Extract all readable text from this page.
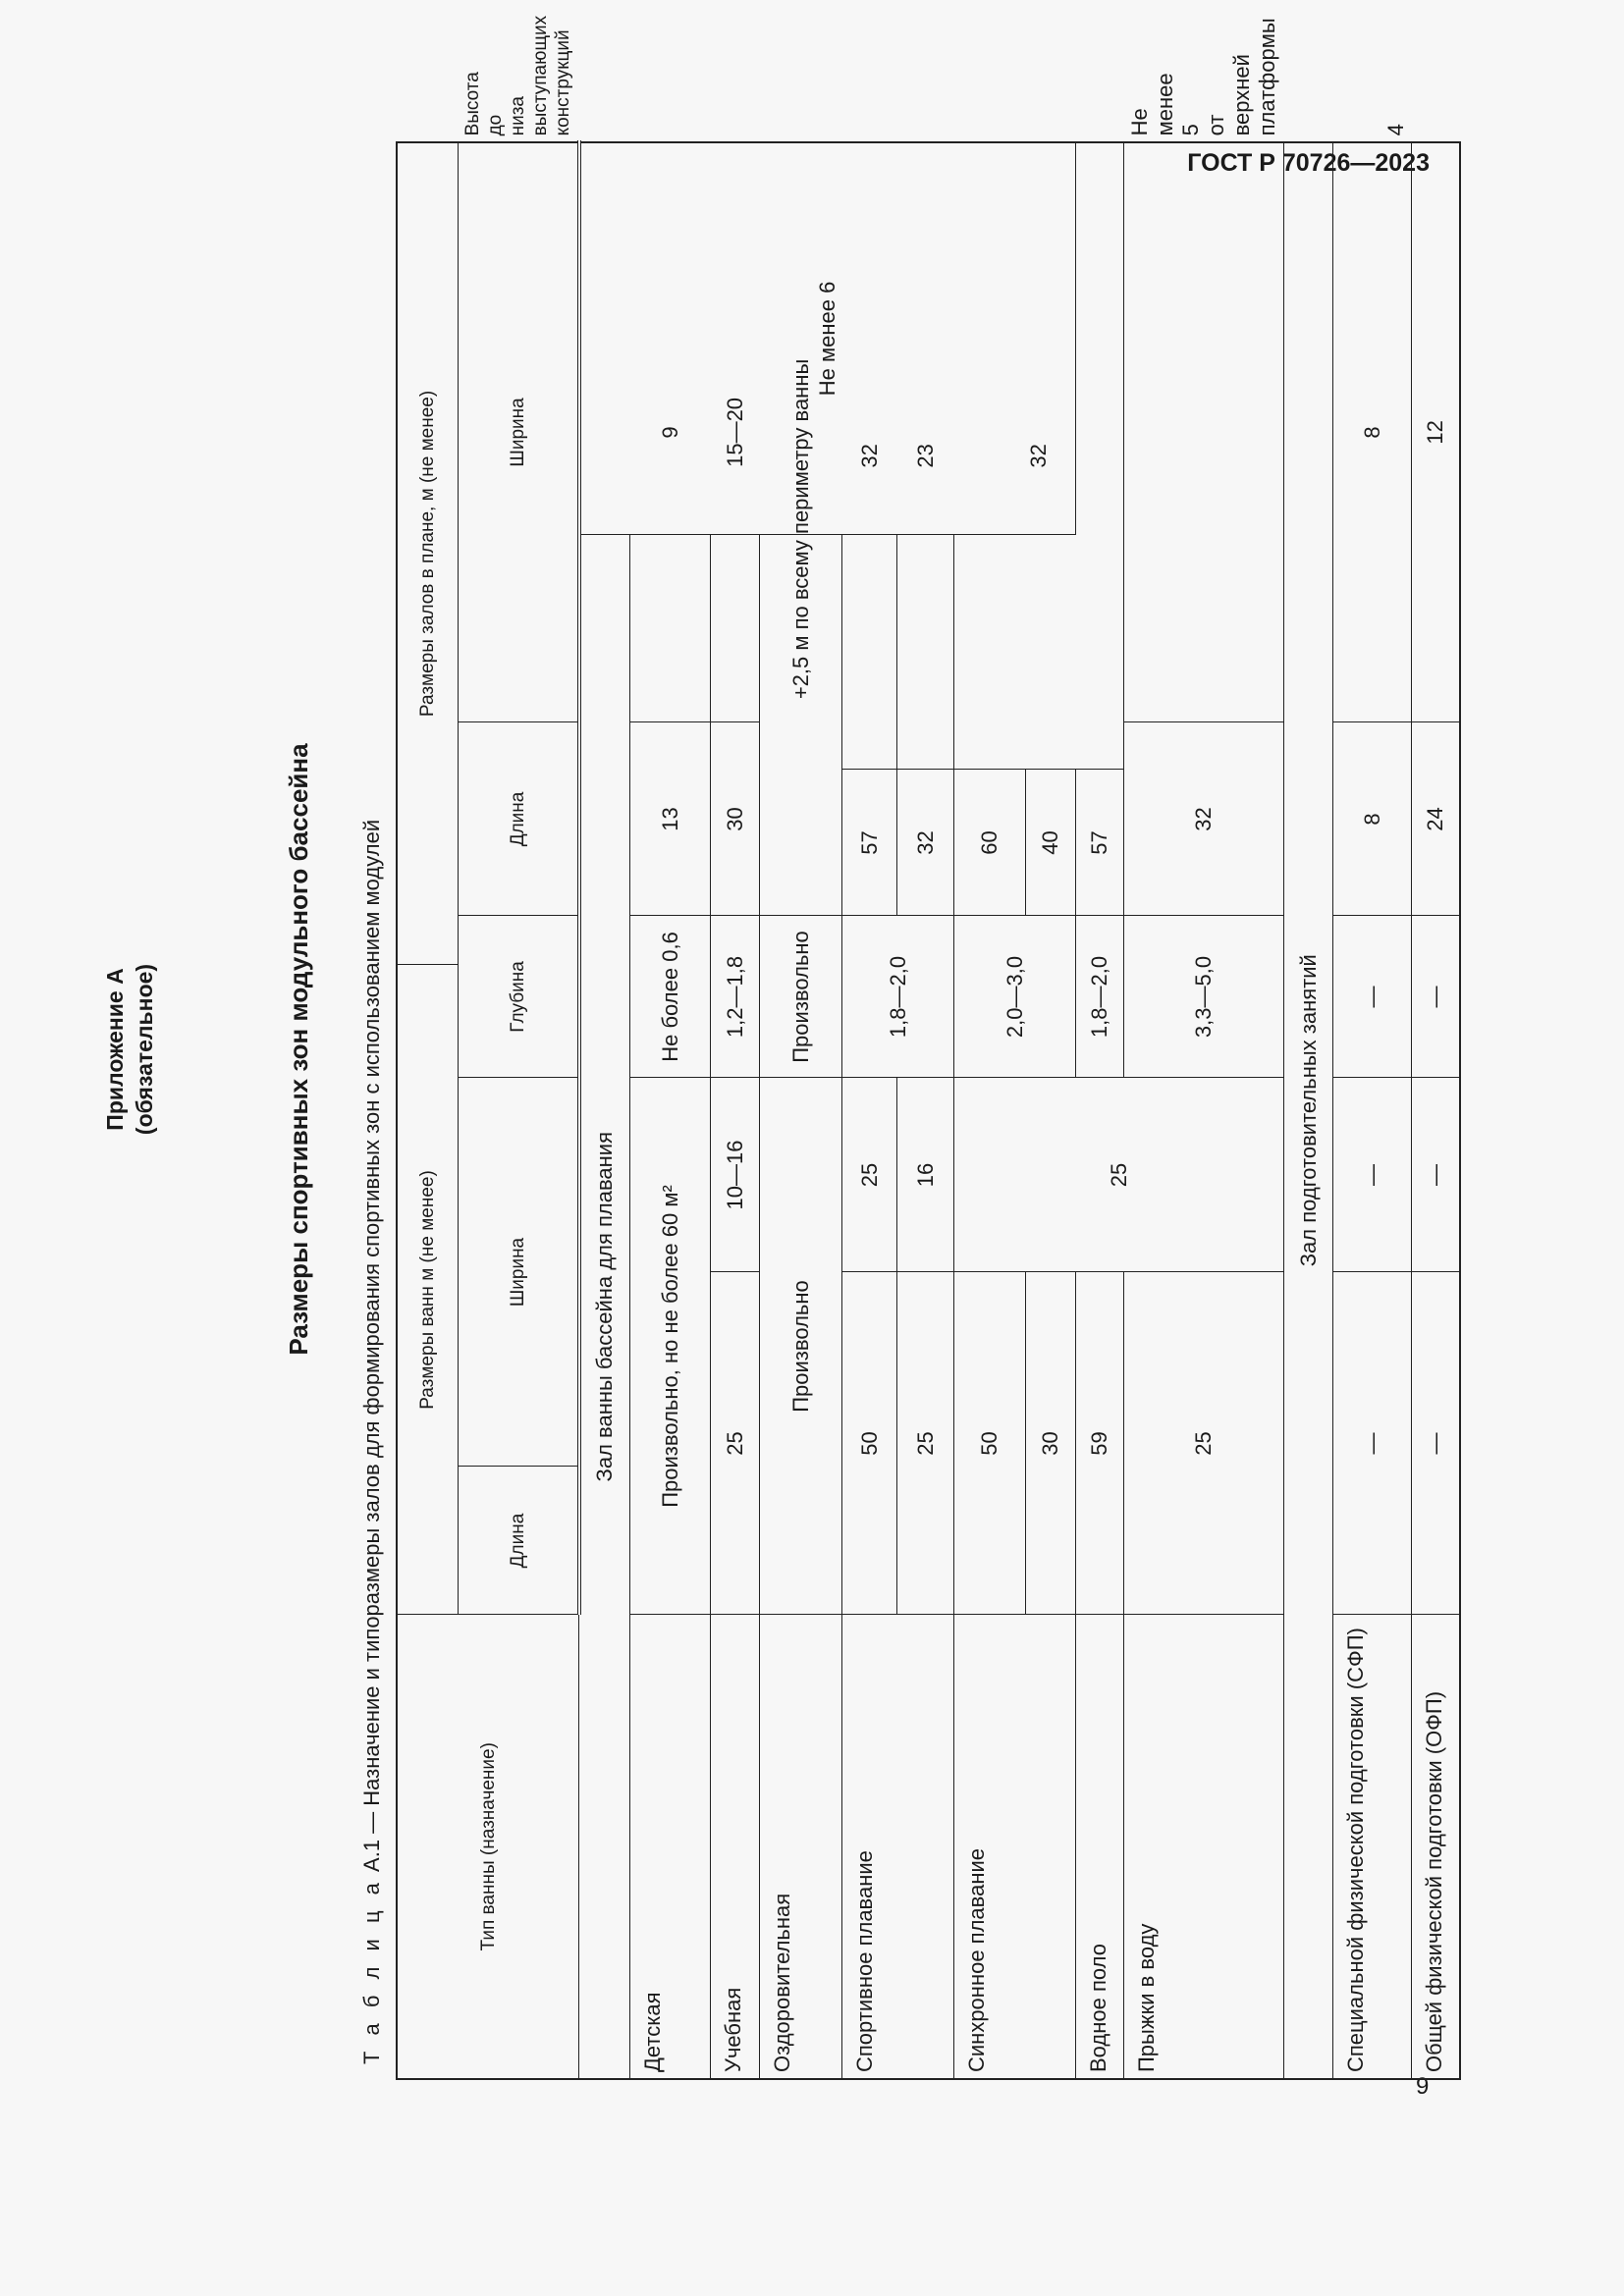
ГОСТ Р 70726—2023
9
Приложение А (обязательное)	Размеры спортивных зон модульного бассейна
Т а б л и ц а А.1 — Назначение и типоразмеры залов для формирования спортивных зон с использованием модулей	Тип ванны (назначение)	Размеры ванн м (не менее)				Размеры залов в плане, м (не менее)					
	Длина	Ширина		Глубина		Длина		Ширина		Высота до низа выступающих конструкций
Зал ванны бассейна для плавания									Не менее 6	
Детская	Произвольно, но не более 60 м²			Не более 0,6		13		9		
Учебная	25		10—16	1,2—1,8		30		15—20		
Оздоровительная	Произвольно			Произвольно		+2,5 м по всему периметру ванны				
Спортивное плавание	50		25	1,8—2,0		57	32			
	25		16			32	23			
Синхронное плавание	50		25	2,0—3,0		60	32			
	30					40				
Водное поло	59			1,8—2,0		57				
Прыжки в воду	25			3,3—5,0		32				Не менее 5 от верхней платформы
Зал подготовительных занятий										
Специальной физической подготовки (СФП)	—		—	—		8		8		4
Общей физической подготовки (ОФП)	—		—	—		24		12		
